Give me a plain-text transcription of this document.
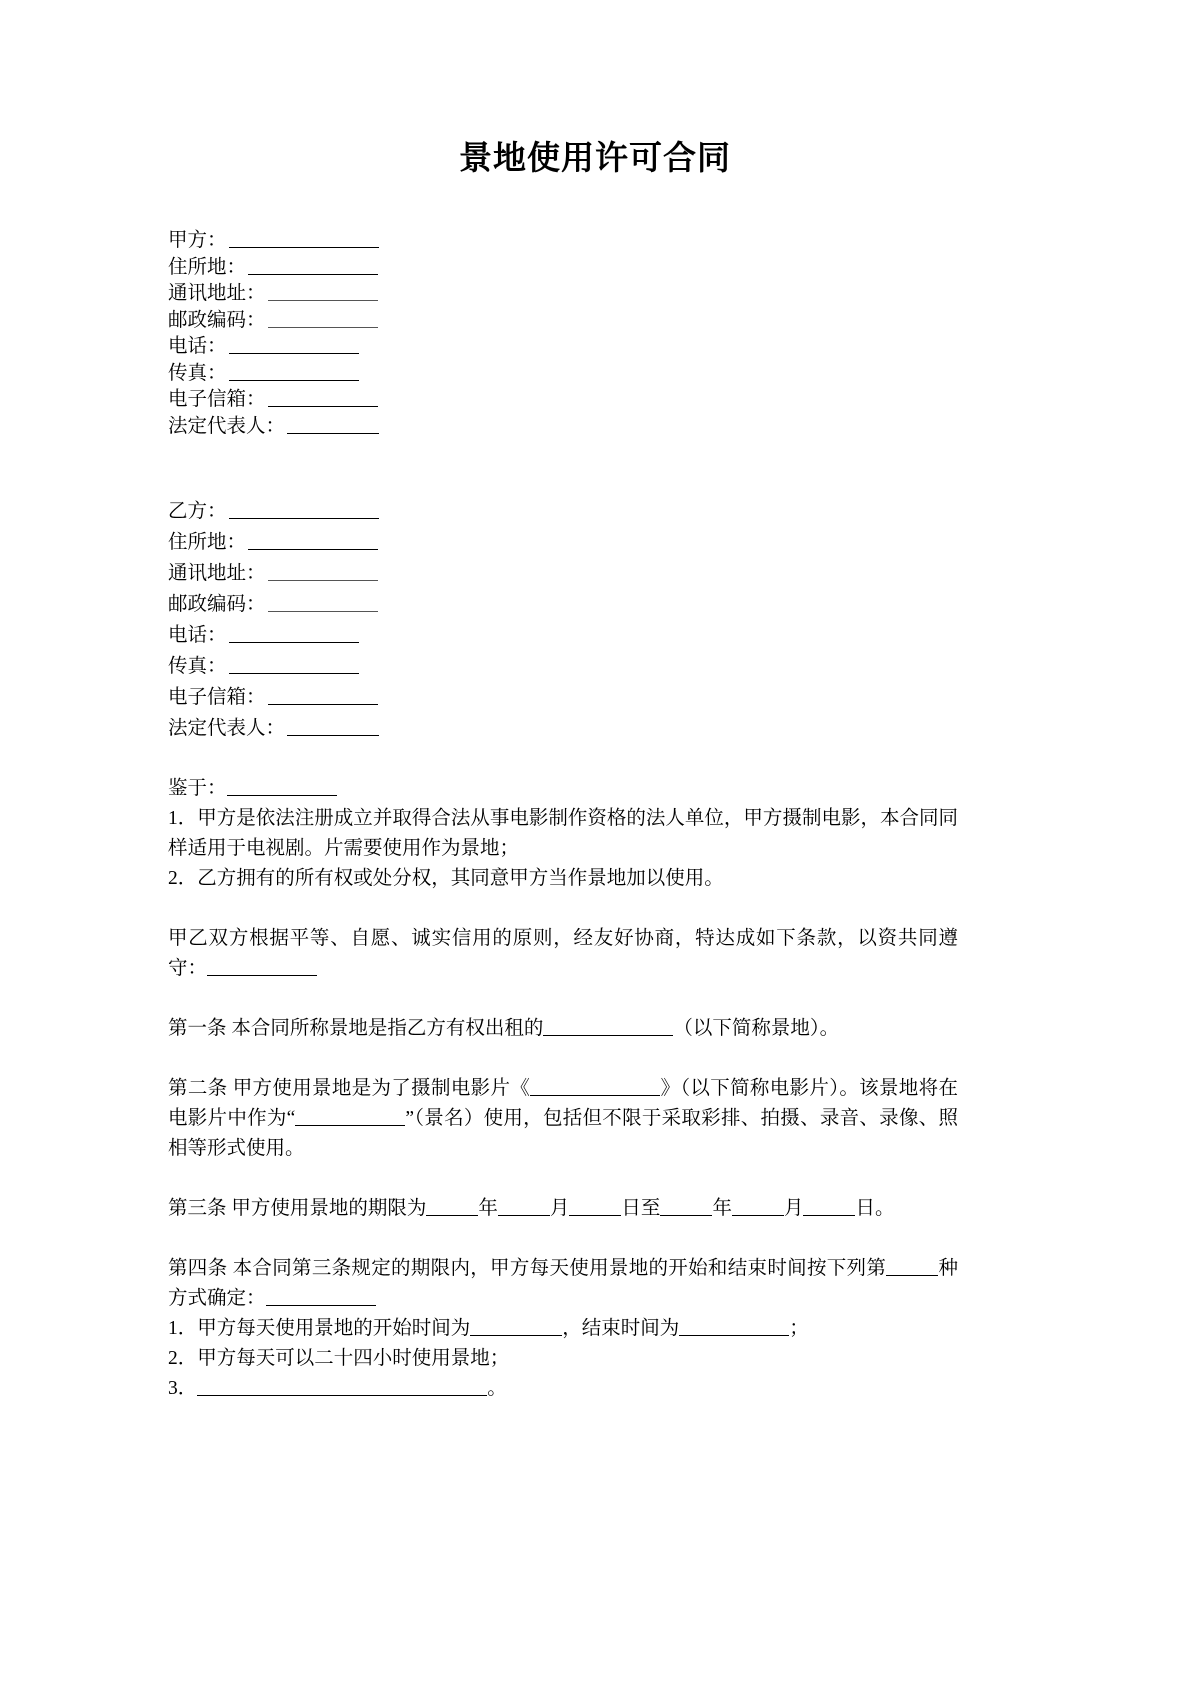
景地使用许可合同
甲方：
住所地：
通讯地址：
邮政编码：
电话：
传真：
电子信箱：
法定代表人：
乙方：
住所地：
通讯地址：
邮政编码：
电话：
传真：
电子信箱：
法定代表人：
鉴于：
1．甲方是依法注册成立并取得合法从事电影制作资格的法人单位，甲方摄制电影，本合同同样适用于电视剧。片需要使用作为景地；
2．乙方拥有的所有权或处分权，其同意甲方当作景地加以使用。
甲乙双方根据平等、自愿、诚实信用的原则，经友好协商，特达成如下条款，以资共同遵守：
第一条 本合同所称景地是指乙方有权出租的	（以下简称景地）。
第二条 甲方使用景地是为了摄制电影片《	》（以下简称电影片）。该景地将在电影片中作为“	”（景名）使用，包括但不限于采取彩排、拍摄、录音、录像、照相等形式使用。
第三条 甲方使用景地的期限为	年	月	日至	年	月	日。
第四条 本合同第三条规定的期限内，甲方每天使用景地的开始和结束时间按下列第	种方式确定：
1．甲方每天使用景地的开始时间为	，结束时间为	；
2．甲方每天可以二十四小时使用景地；
3．	。
